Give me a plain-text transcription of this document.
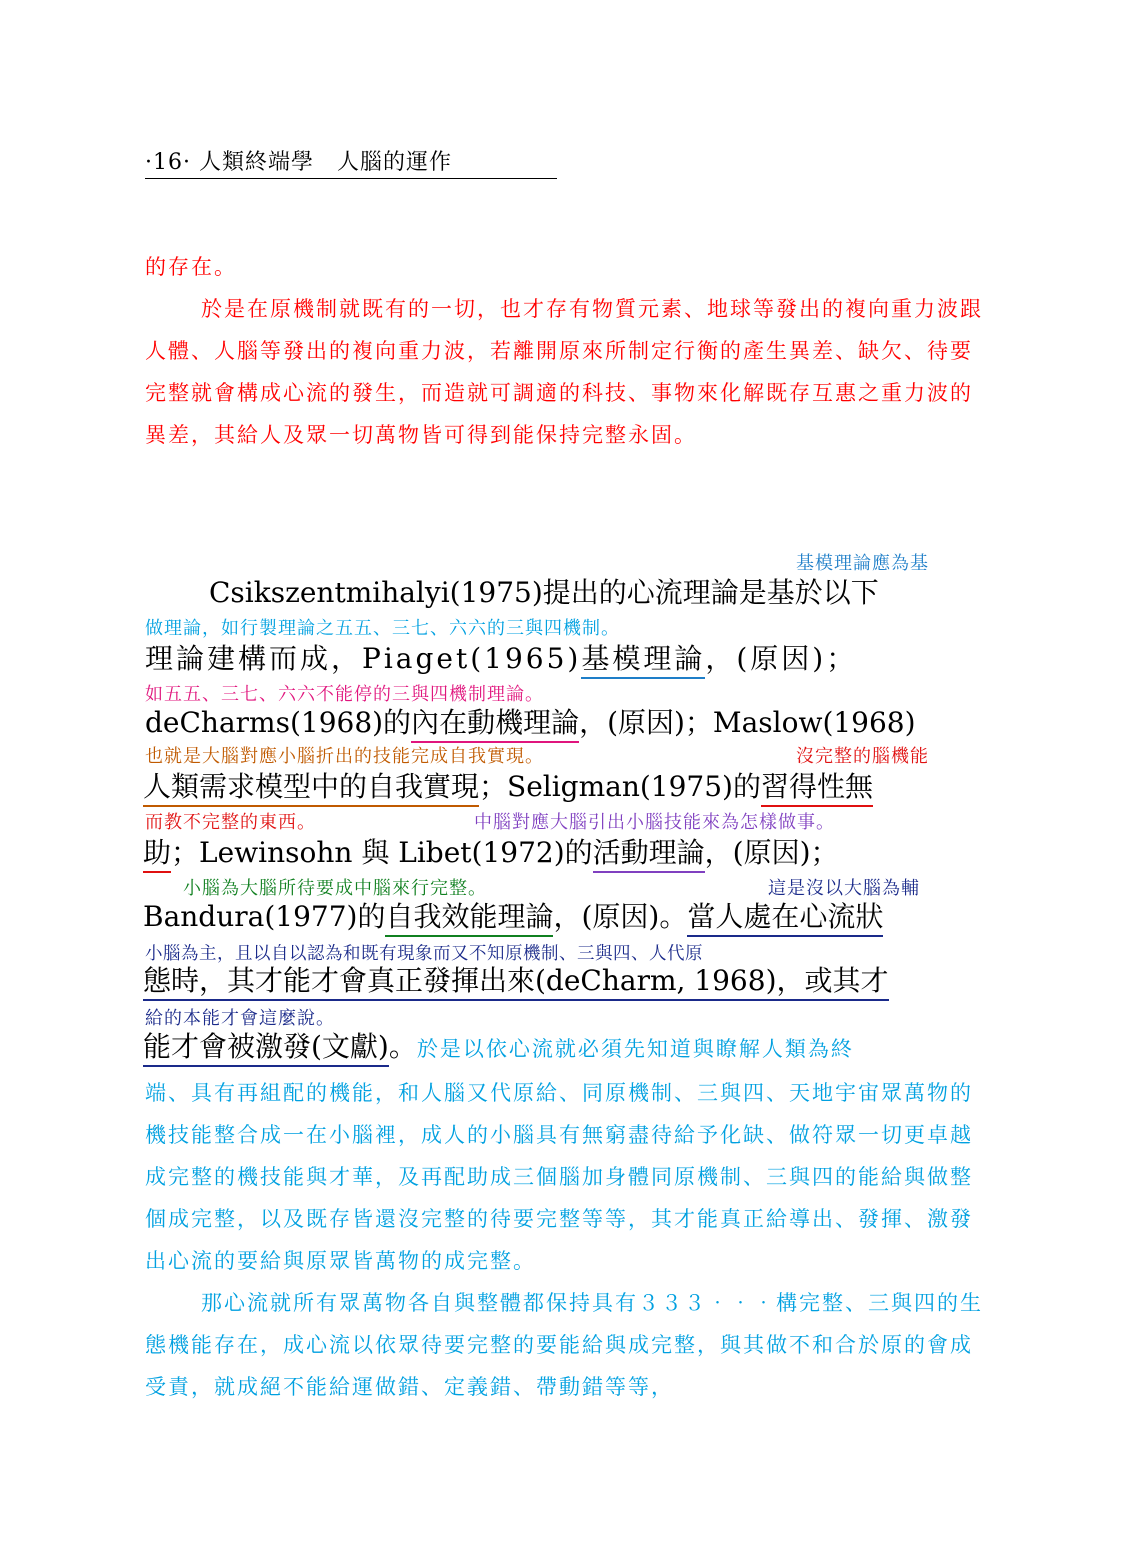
·16· 人類終端學　人腦的運作

的存在。

於是在原機制就既有的一切，也才存有物質元素、地球等發出的複向重力波跟人體、人腦等發出的複向重力波，若離開原來所制定行衡的產生異差、缺欠、待要完整就會構成心流的發生，而造就可調適的科技、事物來化解既存互惠之重力波的異差，其給人及眾一切萬物皆可得到能保持完整永固。

基模理論應為基
Csikszentmihalyi(1975)提出的心流理論是基於以下
做理論，如行製理論之五五、三七、六六的三與四機制。
理論建構而成，Piaget(1965)基模理論，(原因)；
如五五、三七、六六不能停的三與四機制理論。
deCharms(1968)的內在動機理論，(原因)；Maslow(1968)
也就是大腦對應小腦折出的技能完成自我實現。	沒完整的腦機能
人類需求模型中的自我實現；Seligman(1975)的習得性無
而教不完整的東西。	中腦對應大腦引出小腦技能來為怎樣做事。
助；Lewinsohn 與 Libet(1972)的活動理論，(原因)；
小腦為大腦所待要成中腦來行完整。	這是沒以大腦為輔
Bandura(1977)的自我效能理論，(原因)。當人處在心流狀
小腦為主，且以自以認為和既有現象而又不知原機制、三與四、人代原
態時，其才能才會真正發揮出來(deCharm, 1968)，或其才
給的本能才會這麼說。
能才會被激發(文獻)。於是以依心流就必須先知道與瞭解人類為終

端、具有再組配的機能，和人腦又代原給、同原機制、三與四、天地宇宙眾萬物的機技能整合成一在小腦裡，成人的小腦具有無窮盡待給予化缺、做符眾一切更卓越成完整的機技能與才華，及再配助成三個腦加身體同原機制、三與四的能給與做整個成完整，以及既存皆還沒完整的待要完整等等，其才能真正給導出、發揮、激發出心流的要給與原眾皆萬物的成完整。

那心流就所有眾萬物各自與整體都保持具有３３３‧‧‧構完整、三與四的生態機能存在，成心流以依眾待要完整的要能給與成完整，與其做不和合於原的會成受責，就成絕不能給運做錯、定義錯、帶動錯等等，
